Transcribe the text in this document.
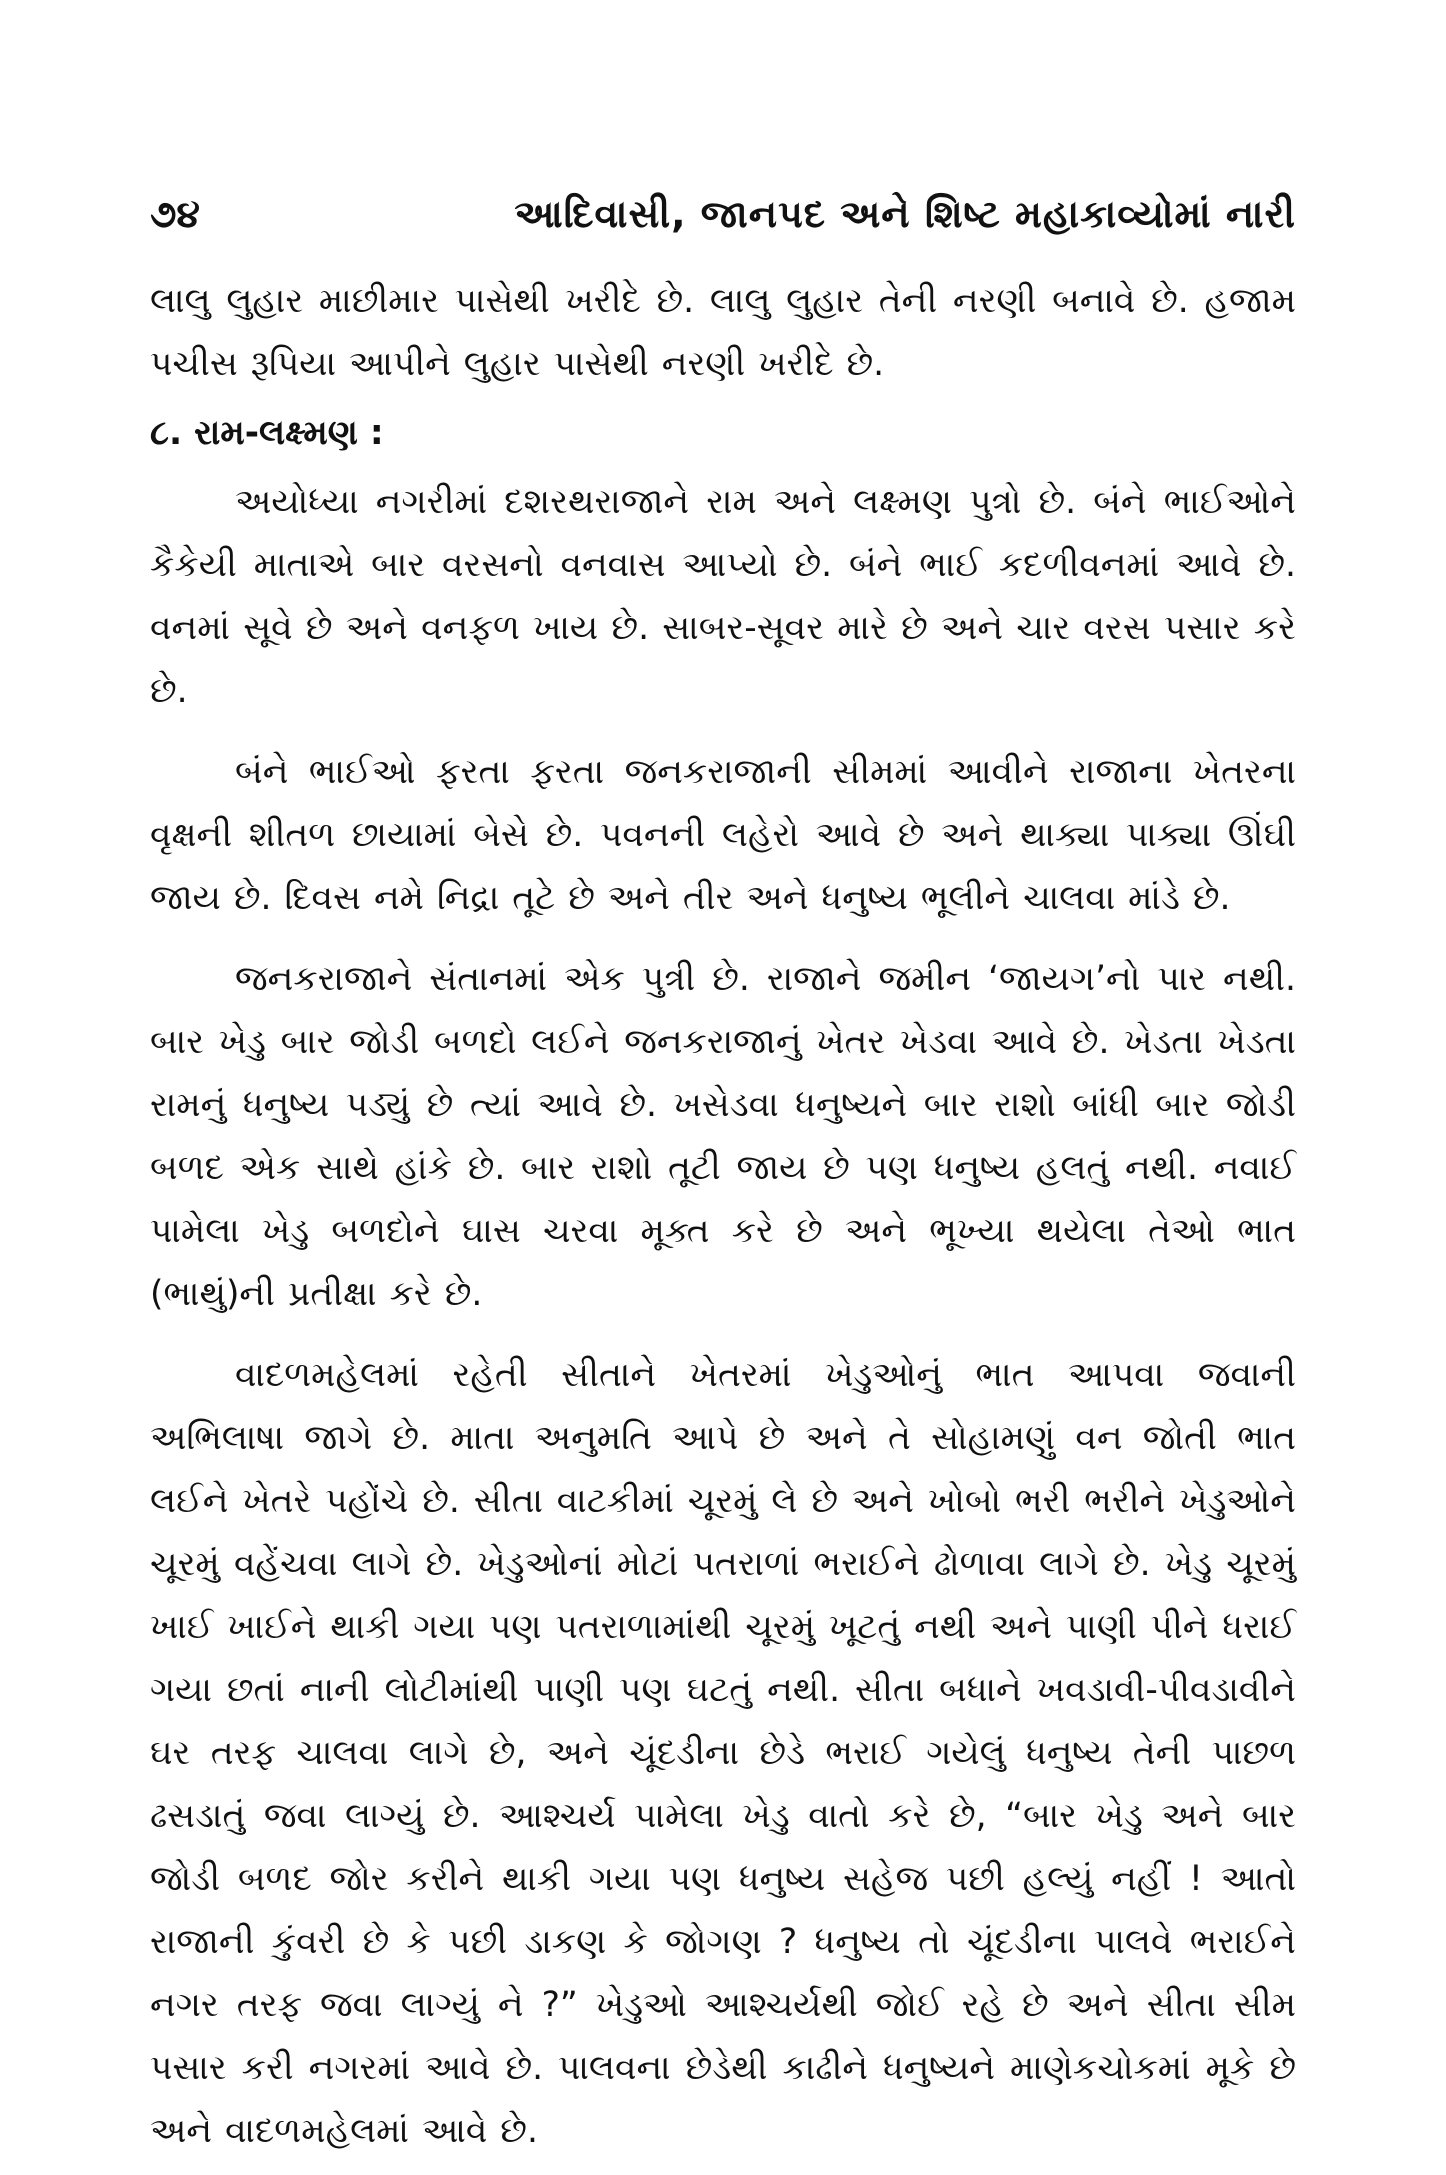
૭૪	આદિવાસી, જાનપદ અને શિષ્ટ મહાકાવ્યોમાં નારી

લાલુ લુહાર માછીમાર પાસેથી ખરીદે છે. લાલુ લુહાર તેની નરણી બનાવે છે. હજામ પચીસ રૂપિયા આપીને લુહાર પાસેથી નરણી ખરીદે છે.

૮. રામ-લક્ષ્મણ :

અયોધ્યા નગરીમાં દશરથરાજાને રામ અને લક્ષ્મણ પુત્રો છે. બંને ભાઈઓને કૈકેયી માતાએ બાર વરસનો વનવાસ આપ્યો છે. બંને ભાઈ કદળીવનમાં આવે છે. વનમાં સૂવે છે અને વનફળ ખાય છે. સાબર-સૂવર મારે છે અને ચાર વરસ પસાર કરે છે.

બંને ભાઈઓ ફરતા ફરતા જનકરાજાની સીમમાં આવીને રાજાના ખેતરના વૃક્ષની શીતળ છાયામાં બેસે છે. પવનની લહેરો આવે છે અને થાક્યા પાક્યા ઊંઘી જાય છે. દિવસ નમે નિદ્રા તૂટે છે અને તીર અને ધનુષ્ય ભૂલીને ચાલવા માંડે છે.

જનકરાજાને સંતાનમાં એક પુત્રી છે. રાજાને જમીન ‘જાયગ’નો પાર નથી. બાર ખેડુ બાર જોડી બળદો લઈને જનકરાજાનું ખેતર ખેડવા આવે છે. ખેડતા ખેડતા રામનું ધનુષ્ય પડ્યું છે ત્યાં આવે છે. ખસેડવા ધનુષ્યને બાર રાશો બાંધી બાર જોડી બળદ એક સાથે હાંકે છે. બાર રાશો તૂટી જાય છે પણ ધનુષ્ય હલતું નથી. નવાઈ પામેલા ખેડુ બળદોને ઘાસ ચરવા મૂક્ત કરે છે અને ભૂખ્યા થયેલા તેઓ ભાત (ભાથું)ની પ્રતીક્ષા કરે છે.

વાદળમહેલમાં રહેતી સીતાને ખેતરમાં ખેડુઓનું ભાત આપવા જવાની અભિલાષા જાગે છે. માતા અનુમતિ આપે છે અને તે સોહામણું વન જોતી ભાત લઈને ખેતરે પહોંચે છે. સીતા વાટકીમાં ચૂરમું લે છે અને ખોબો ભરી ભરીને ખેડુઓને ચૂરમું વહેંચવા લાગે છે. ખેડુઓનાં મોટાં પતરાળાં ભરાઈને ઢોળાવા લાગે છે. ખેડુ ચૂરમું ખાઈ ખાઈને થાકી ગયા પણ પતરાળામાંથી ચૂરમું ખૂટતું નથી અને પાણી પીને ધરાઈ ગયા છતાં નાની લોટીમાંથી પાણી પણ ઘટતું નથી. સીતા બધાને ખવડાવી-પીવડાવીને ઘર તરફ ચાલવા લાગે છે, અને ચૂંદડીના છેડે ભરાઈ ગયેલું ધનુષ્ય તેની પાછળ ઢસડાતું જવા લાગ્યું છે. આશ્ચર્ય પામેલા ખેડુ વાતો કરે છે, “બાર ખેડુ અને બાર જોડી બળદ જોર કરીને થાકી ગયા પણ ધનુષ્ય સહેજ પછી હલ્યું નહીં ! આતો રાજાની કુંવરી છે કે પછી ડાકણ કે જોગણ ? ધનુષ્ય તો ચૂંદડીના પાલવે ભરાઈને નગર તરફ જવા લાગ્યું ને ?” ખેડુઓ આશ્ચર્યથી જોઈ રહે છે અને સીતા સીમ પસાર કરી નગરમાં આવે છે. પાલવના છેડેથી કાઢીને ધનુષ્યને માણેકચોકમાં મૂકે છે અને વાદળમહેલમાં આવે છે.
